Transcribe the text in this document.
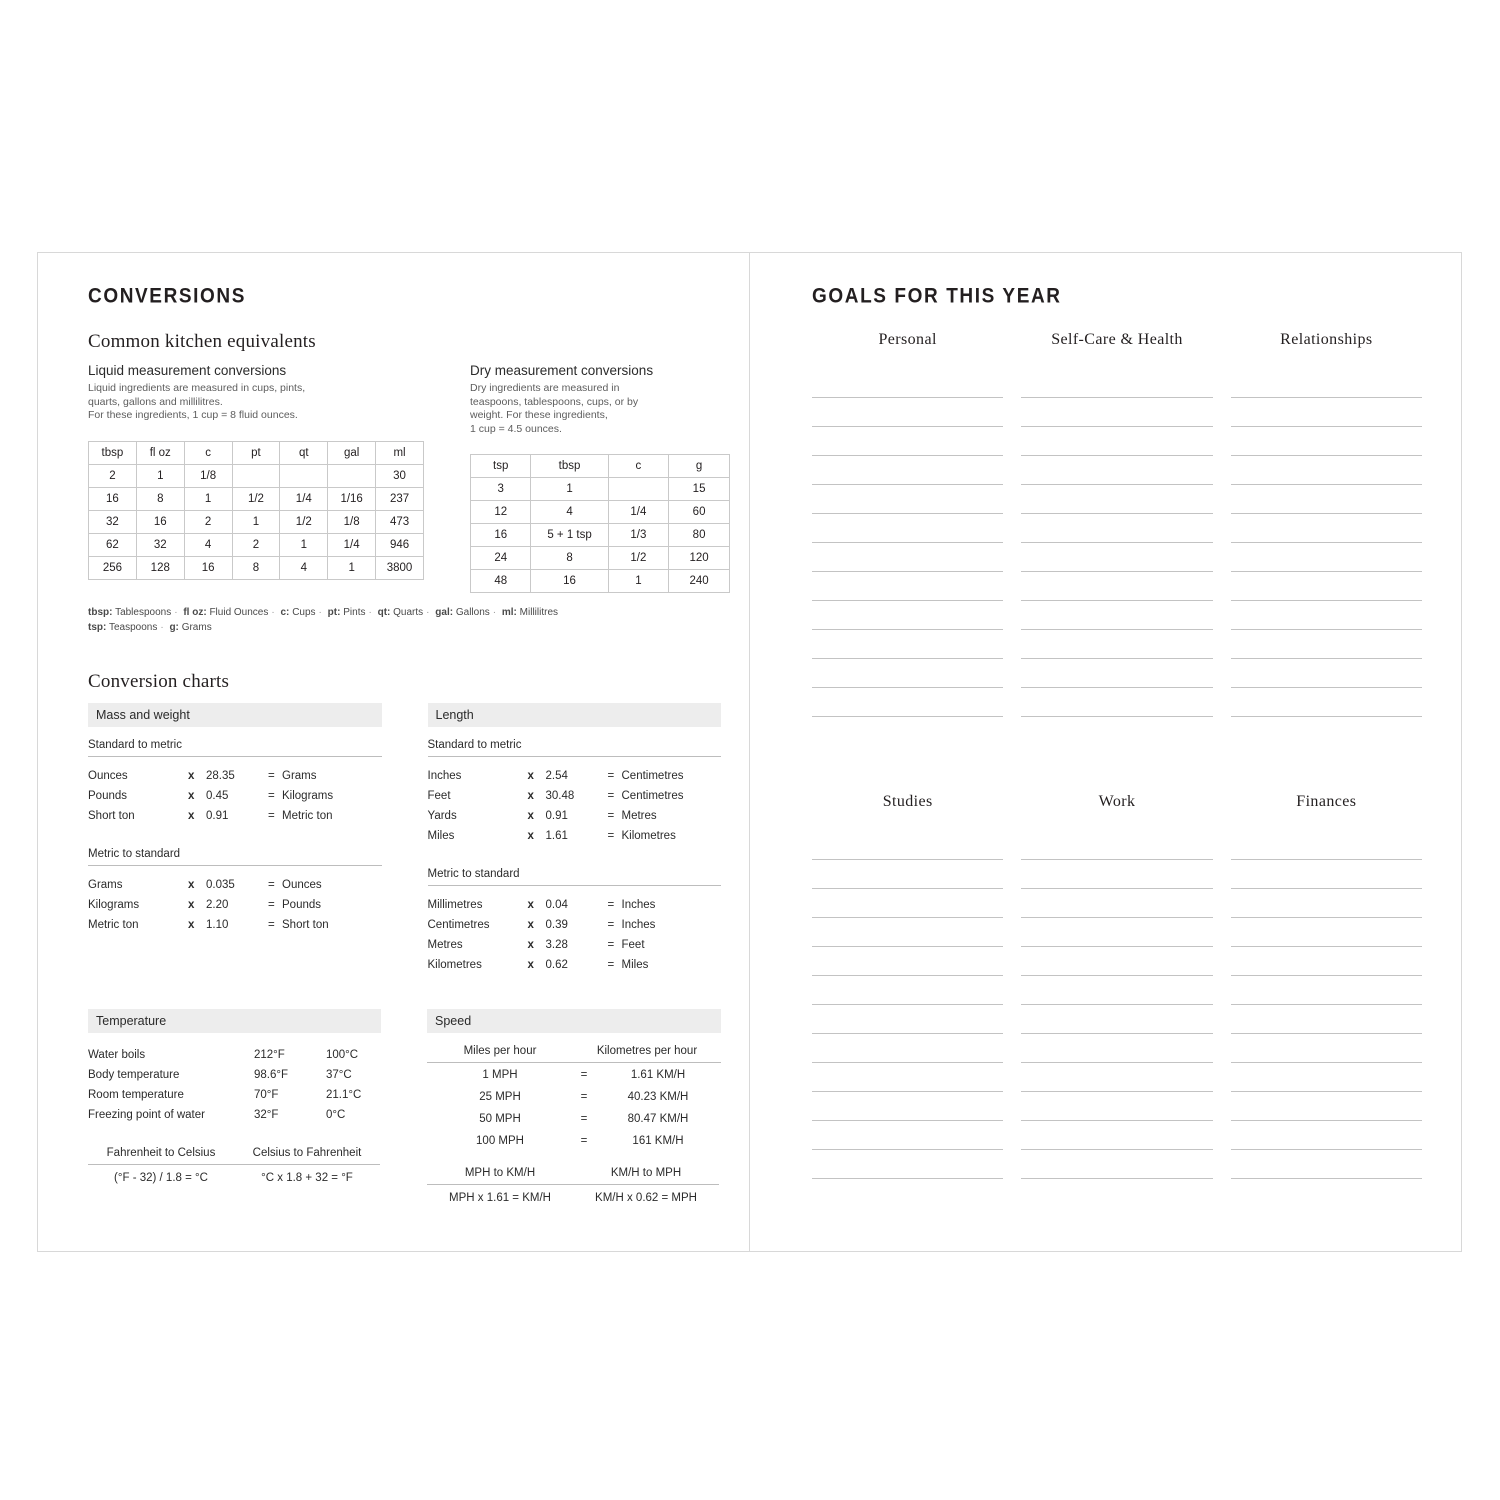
CONVERSIONS
Common kitchen equivalents
Liquid measurement conversions

Liquid ingredients are measured in cups, pints,
quarts, gallons and millilitres.
For these ingredients, 1 cup = 8 fluid ounces.

tbsp	fl oz	c	pt	qt	gal	ml
2	1	1/8				30
16	8	1	1/2	1/4	1/16	237
32	16	2	1	1/2	1/8	473
62	32	4	2	1	1/4	946
256	128	16	8	4	1	3800
Dry measurement conversions

Dry ingredients are measured in
teaspoons, tablespoons, cups, or by
weight. For these ingredients,
1 cup = 4.5 ounces.

tsp	tbsp	c	g
3	1		15
12	4	1/4	60
16	5 + 1 tsp	1/3	80
24	8	1/2	120
48	16	1	240
tbsp: Tablespoons · fl oz: Fluid Ounces · c: Cups · pt: Pints · qt: Quarts · gal: Gallons · ml: Millilitres
tsp: Teaspoons · g: Grams
Conversion charts
Mass and weight
Standard to metric
Ounces	x	28.35	= Grams
Pounds	x	0.45	= Kilograms
Short ton	x	0.91	= Metric ton
Metric to standard
Grams	x	0.035	= Ounces
Kilograms	x	2.20	= Pounds
Metric ton	x	1.10	= Short ton
Length
Standard to metric
Inches	x	2.54	= Centimetres
Feet	x	30.48	= Centimetres
Yards	x	0.91	= Metres
Miles	x	1.61	= Kilometres
Metric to standard
Millimetres	x	0.04	= Inches
Centimetres	x	0.39	= Inches
Metres	x	3.28	= Feet
Kilometres	x	0.62	= Miles
Temperature
Water boils	212°F	100°C
Body temperature	98.6°F	37°C
Room temperature	70°F	21.1°C
Freezing point of water	32°F	0°C
Fahrenheit to Celsius
(°F - 32) / 1.8 = °C
Celsius to Fahrenheit
°C x 1.8 + 32 = °F
Speed
Miles per hour	Kilometres per hour
1 MPH	=	1.61 KM/H
25 MPH	=	40.23 KM/H
50 MPH	=	80.47 KM/H
100 MPH	=	161 KM/H
MPH to KM/H
MPH x 1.61 = KM/H
KM/H to MPH
KM/H x 0.62 = MPH
GOALS FOR THIS YEAR
Personal	Self-Care & Health	Relationships
Studies	Work	Finances
